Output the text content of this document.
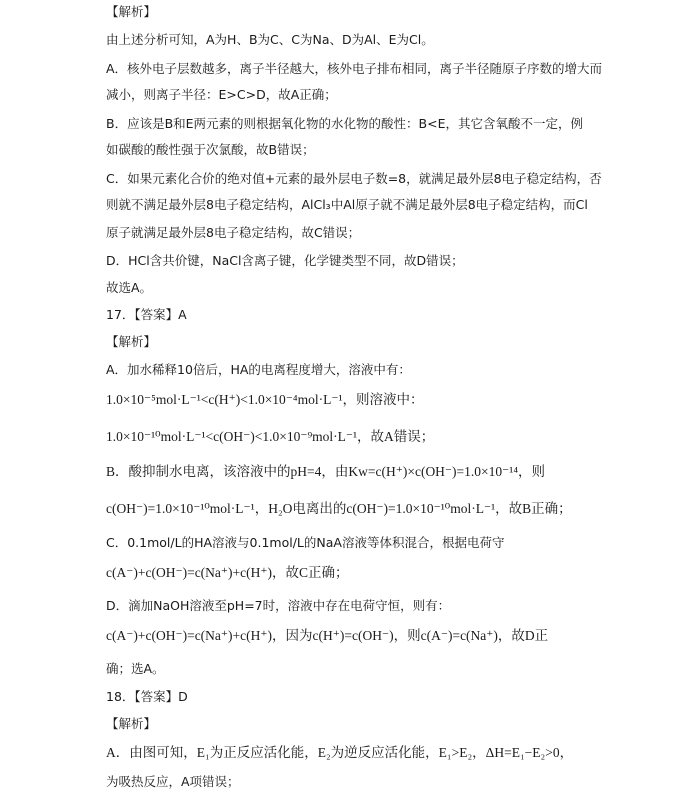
【解析】
由上述分析可知，A为H、B为C、C为Na、D为Al、E为Cl。
A．核外电子层数越多，离子半径越大，核外电子排布相同，离子半径随原子序数的增大而
减小，则离子半径：E>C>D，故A正确；
B．应该是B和E两元素的则根据氧化物的水化物的酸性：B<E，其它含氧酸不一定，例
如碳酸的酸性强于次氯酸，故B错误；
C．如果元素化合价的绝对值+元素的最外层电子数=8，就满足最外层8电子稳定结构，否
则就不满足最外层8电子稳定结构，AlCl₃中Al原子就不满足最外层8电子稳定结构，而Cl
原子就满足最外层8电子稳定结构，故C错误；
D．HCl含共价键，NaCl含离子键，化学键类型不同，故D错误；
故选A。
17．【答案】A
【解析】
A．加水稀释10倍后，HA的电离程度增大，溶液中有：
1.0×10⁻⁵mol·L⁻¹<c(H⁺)<1.0×10⁻⁴mol·L⁻¹，则溶液中：
1.0×10⁻¹⁰mol·L⁻¹<c(OH⁻)<1.0×10⁻⁹mol·L⁻¹，故A错误；
B．酸抑制水电离，该溶液中的pH=4，由Kw=c(H⁺)×c(OH⁻)=1.0×10⁻¹⁴，则
c(OH⁻)=1.0×10⁻¹⁰mol·L⁻¹，H₂O电离出的c(OH⁻)=1.0×10⁻¹⁰mol·L⁻¹，故B正确；
C．0.1mol/L的HA溶液与0.1mol/L的NaA溶液等体积混合，根据电荷守
c(A⁻)+c(OH⁻)=c(Na⁺)+c(H⁺)，故C正确；
D．滴加NaOH溶液至pH=7时，溶液中存在电荷守恒，则有：
c(A⁻)+c(OH⁻)=c(Na⁺)+c(H⁺)，因为c(H⁺)=c(OH⁻)，则c(A⁻)=c(Na⁺)，故D正
确；选A。
18．【答案】D
【解析】
A．由图可知，E₁为正反应活化能，E₂为逆反应活化能，E₁>E₂，ΔH=E₁−E₂>0，
为吸热反应，A项错误；
